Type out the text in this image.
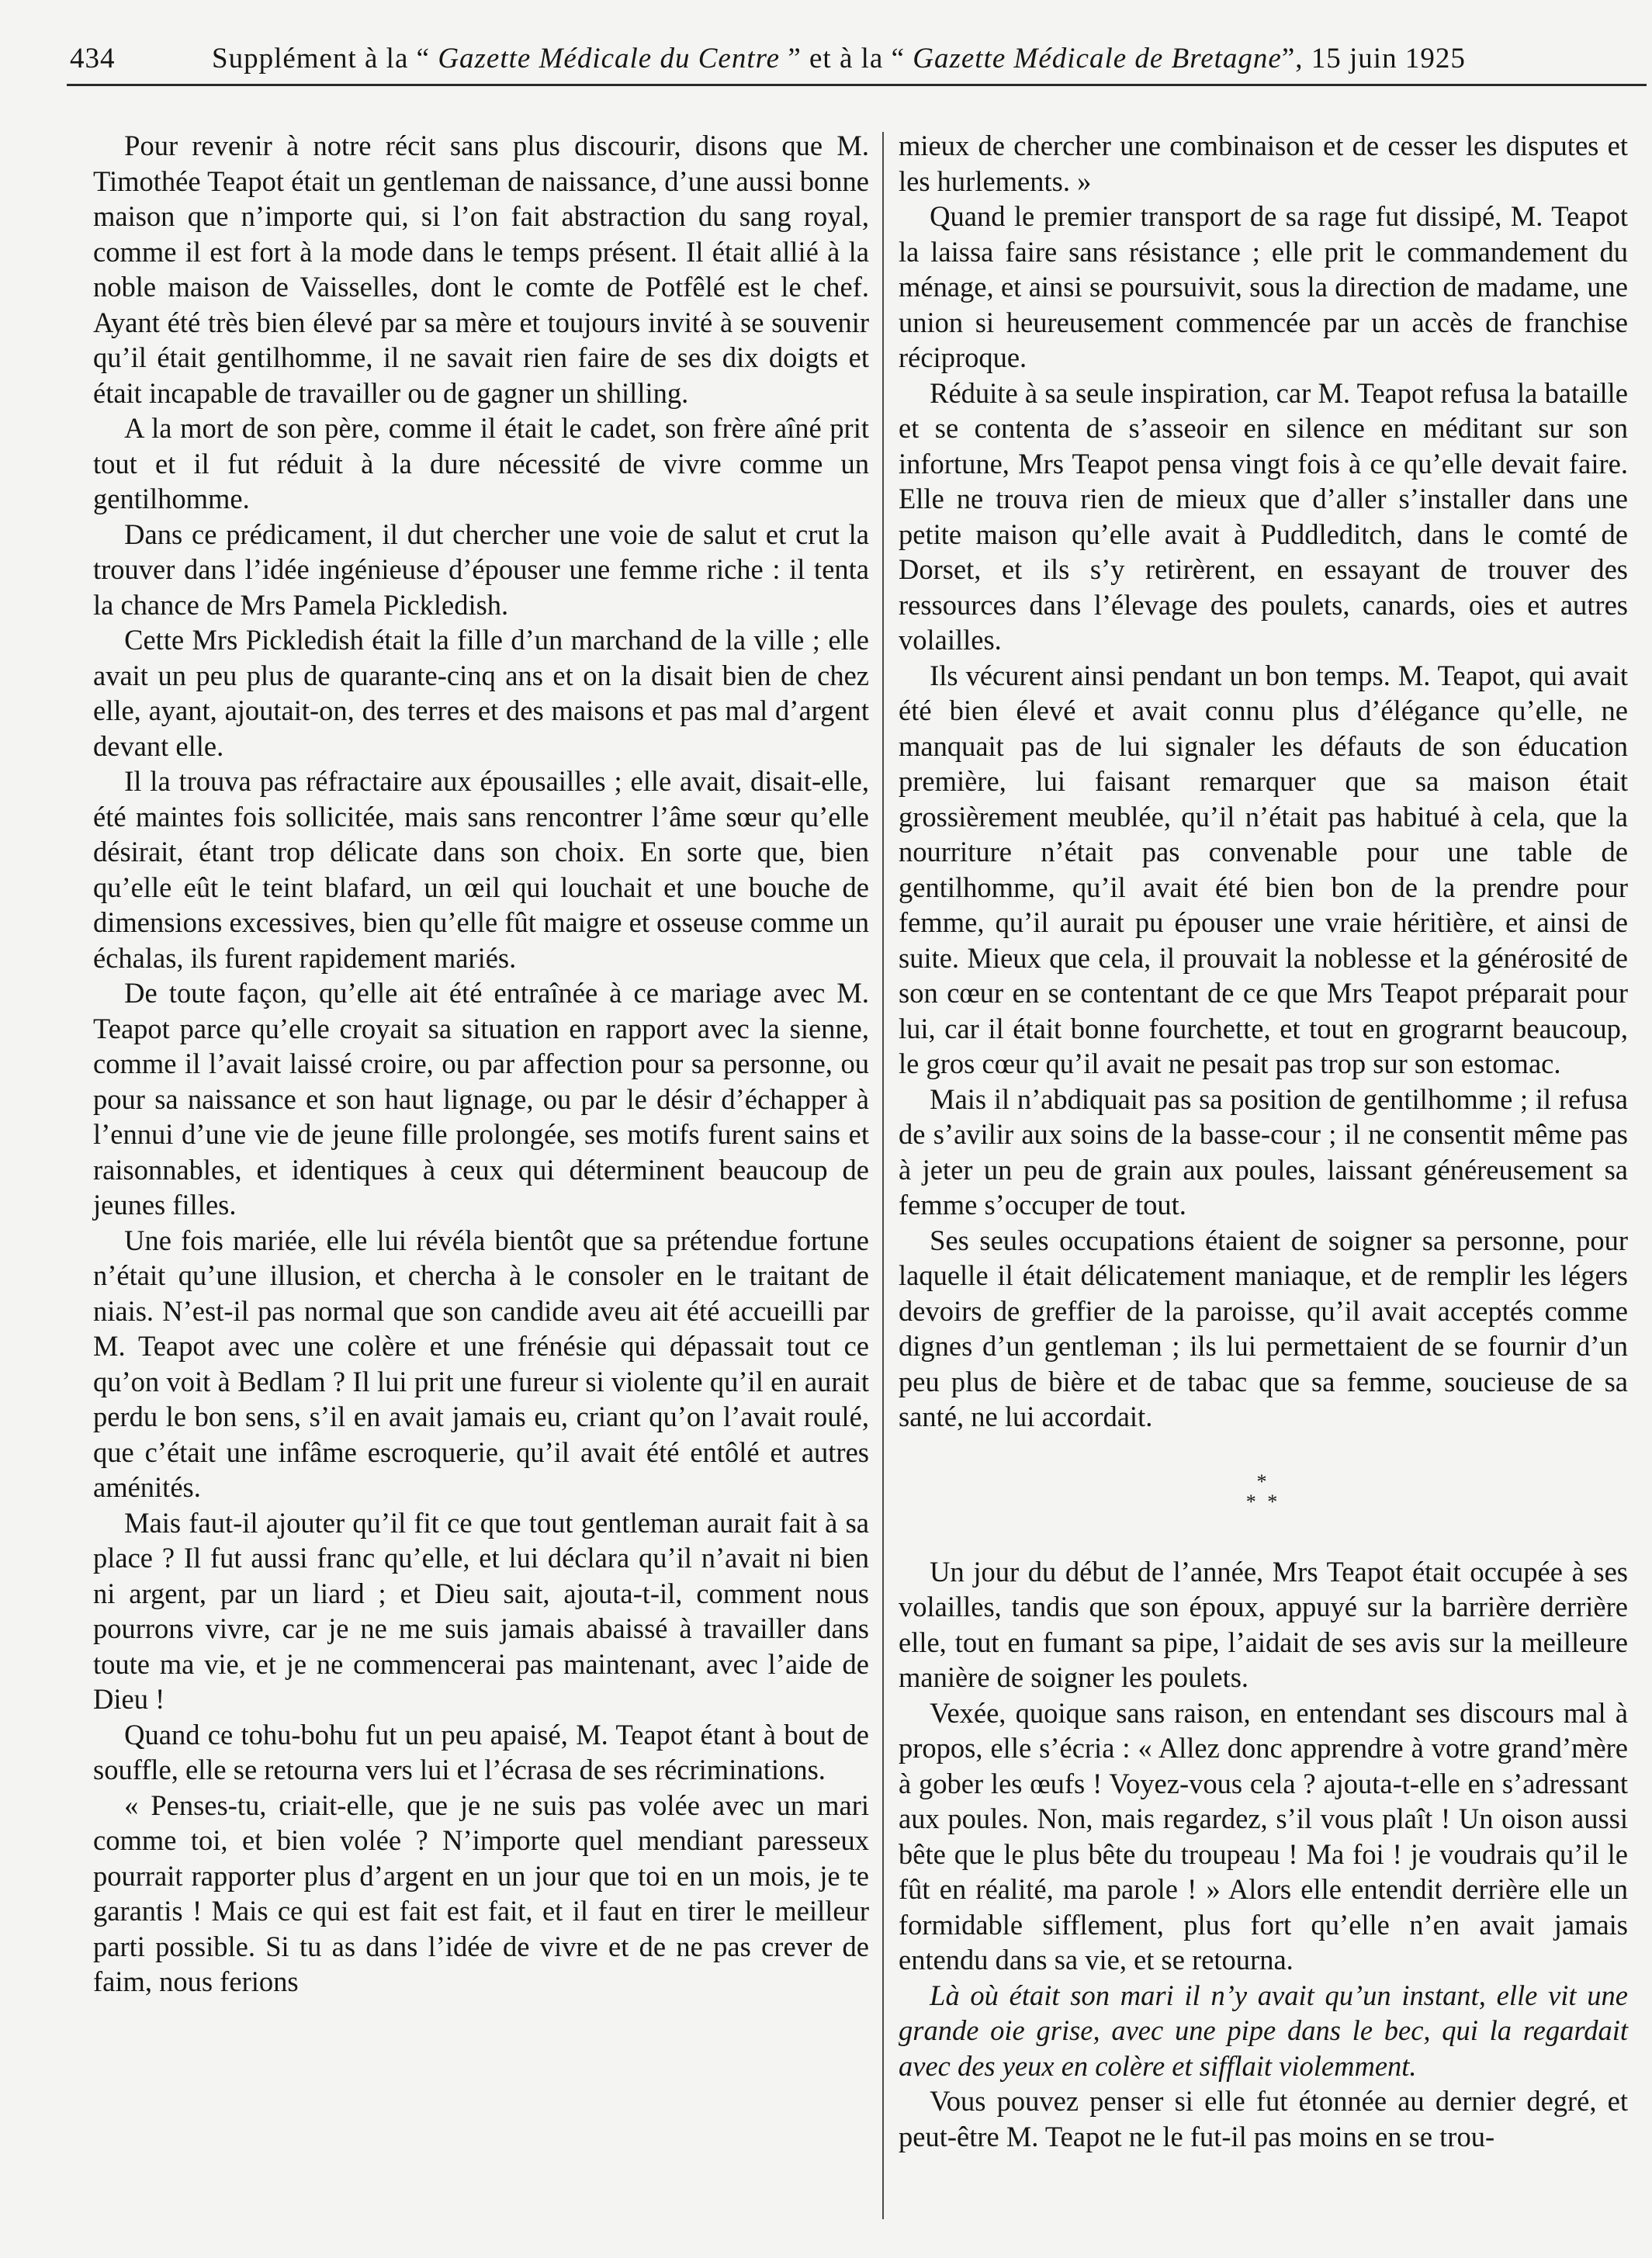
434	Supplément à la “ Gazette Médicale du Centre ” et à la “ Gazette Médicale de Bretagne”, 15 juin 1925

Pour revenir à notre récit sans plus discourir, disons que M. Timothée Teapot était un gentleman de naissance, d’une aussi bonne maison que n’importe qui, si l’on fait abstraction du sang royal, comme il est fort à la mode dans le temps présent. Il était allié à la noble maison de Vaisselles, dont le comte de Potfêlé est le chef. Ayant été très bien élevé par sa mère et toujours invité à se souvenir qu’il était gentilhomme, il ne savait rien faire de ses dix doigts et était incapable de travailler ou de gagner un shilling.

A la mort de son père, comme il était le cadet, son frère aîné prit tout et il fut réduit à la dure nécessité de vivre comme un gentilhomme.

Dans ce prédicament, il dut chercher une voie de salut et crut la trouver dans l’idée ingénieuse d’épouser une femme riche : il tenta la chance de Mrs Pamela Pickledish.

Cette Mrs Pickledish était la fille d’un marchand de la ville ; elle avait un peu plus de quarante-cinq ans et on la disait bien de chez elle, ayant, ajoutait-on, des terres et des maisons et pas mal d’argent devant elle.

Il la trouva pas réfractaire aux épousailles ; elle avait, disait-elle, été maintes fois sollicitée, mais sans rencontrer l’âme sœur qu’elle désirait, étant trop délicate dans son choix. En sorte que, bien qu’elle eût le teint blafard, un œil qui louchait et une bouche de dimensions excessives, bien qu’elle fût maigre et osseuse comme un échalas, ils furent rapidement mariés.

De toute façon, qu’elle ait été entraînée à ce mariage avec M. Teapot parce qu’elle croyait sa situation en rapport avec la sienne, comme il l’avait laissé croire, ou par affection pour sa personne, ou pour sa naissance et son haut lignage, ou par le désir d’échapper à l’ennui d’une vie de jeune fille prolongée, ses motifs furent sains et raisonnables, et identiques à ceux qui déterminent beaucoup de jeunes filles.

Une fois mariée, elle lui révéla bientôt que sa prétendue fortune n’était qu’une illusion, et chercha à le consoler en le traitant de niais. N’est-il pas normal que son candide aveu ait été accueilli par M. Teapot avec une colère et une frénésie qui dépassait tout ce qu’on voit à Bedlam ? Il lui prit une fureur si violente qu’il en aurait perdu le bon sens, s’il en avait jamais eu, criant qu’on l’avait roulé, que c’était une infâme escroquerie, qu’il avait été entôlé et autres aménités.

Mais faut-il ajouter qu’il fit ce que tout gentleman aurait fait à sa place ? Il fut aussi franc qu’elle, et lui déclara qu’il n’avait ni bien ni argent, par un liard ; et Dieu sait, ajouta-t-il, comment nous pourrons vivre, car je ne me suis jamais abaissé à travailler dans toute ma vie, et je ne commencerai pas maintenant, avec l’aide de Dieu !

Quand ce tohu-bohu fut un peu apaisé, M. Teapot étant à bout de souffle, elle se retourna vers lui et l’écrasa de ses récriminations.

« Penses-tu, criait-elle, que je ne suis pas volée avec un mari comme toi, et bien volée ? N’importe quel mendiant paresseux pourrait rapporter plus d’argent en un jour que toi en un mois, je te garantis ! Mais ce qui est fait est fait, et il faut en tirer le meilleur parti possible. Si tu as dans l’idée de vivre et de ne pas crever de faim, nous ferions

mieux de chercher une combinaison et de cesser les disputes et les hurlements. »

Quand le premier transport de sa rage fut dissipé, M. Teapot la laissa faire sans résistance ; elle prit le commandement du ménage, et ainsi se poursuivit, sous la direction de madame, une union si heureusement commencée par un accès de franchise réciproque.

Réduite à sa seule inspiration, car M. Teapot refusa la bataille et se contenta de s’asseoir en silence en méditant sur son infortune, Mrs Teapot pensa vingt fois à ce qu’elle devait faire. Elle ne trouva rien de mieux que d’aller s’installer dans une petite maison qu’elle avait à Puddleditch, dans le comté de Dorset, et ils s’y retirèrent, en essayant de trouver des ressources dans l’élevage des poulets, canards, oies et autres volailles.

Ils vécurent ainsi pendant un bon temps. M. Teapot, qui avait été bien élevé et avait connu plus d’élégance qu’elle, ne manquait pas de lui signaler les défauts de son éducation première, lui faisant remarquer que sa maison était grossièrement meublée, qu’il n’était pas habitué à cela, que la nourriture n’était pas convenable pour une table de gentilhomme, qu’il avait été bien bon de la prendre pour femme, qu’il aurait pu épouser une vraie héritière, et ainsi de suite. Mieux que cela, il prouvait la noblesse et la générosité de son cœur en se contentant de ce que Mrs Teapot préparait pour lui, car il était bonne fourchette, et tout en grograrnt beaucoup, le gros cœur qu’il avait ne pesait pas trop sur son estomac.

Mais il n’abdiquait pas sa position de gentilhomme ; il refusa de s’avilir aux soins de la basse-cour ; il ne consentit même pas à jeter un peu de grain aux poules, laissant généreusement sa femme s’occuper de tout.

Ses seules occupations étaient de soigner sa personne, pour laquelle il était délicatement maniaque, et de remplir les légers devoirs de greffier de la paroisse, qu’il avait acceptés comme dignes d’un gentleman ; ils lui permettaient de se fournir d’un peu plus de bière et de tabac que sa femme, soucieuse de sa santé, ne lui accordait.

*
* *

Un jour du début de l’année, Mrs Teapot était occupée à ses volailles, tandis que son époux, appuyé sur la barrière derrière elle, tout en fumant sa pipe, l’aidait de ses avis sur la meilleure manière de soigner les poulets.

Vexée, quoique sans raison, en entendant ses discours mal à propos, elle s’écria : « Allez donc apprendre à votre grand’mère à gober les œufs ! Voyez-vous cela ? ajouta-t-elle en s’adressant aux poules. Non, mais regardez, s’il vous plaît ! Un oison aussi bête que le plus bête du troupeau ! Ma foi ! je voudrais qu’il le fût en réalité, ma parole ! » Alors elle entendit derrière elle un formidable sifflement, plus fort qu’elle n’en avait jamais entendu dans sa vie, et se retourna.

Là où était son mari il n’y avait qu’un instant, elle vit une grande oie grise, avec une pipe dans le bec, qui la regardait avec des yeux en colère et sifflait violemment.

Vous pouvez penser si elle fut étonnée au dernier degré, et peut-être M. Teapot ne le fut-il pas moins en se trou-
